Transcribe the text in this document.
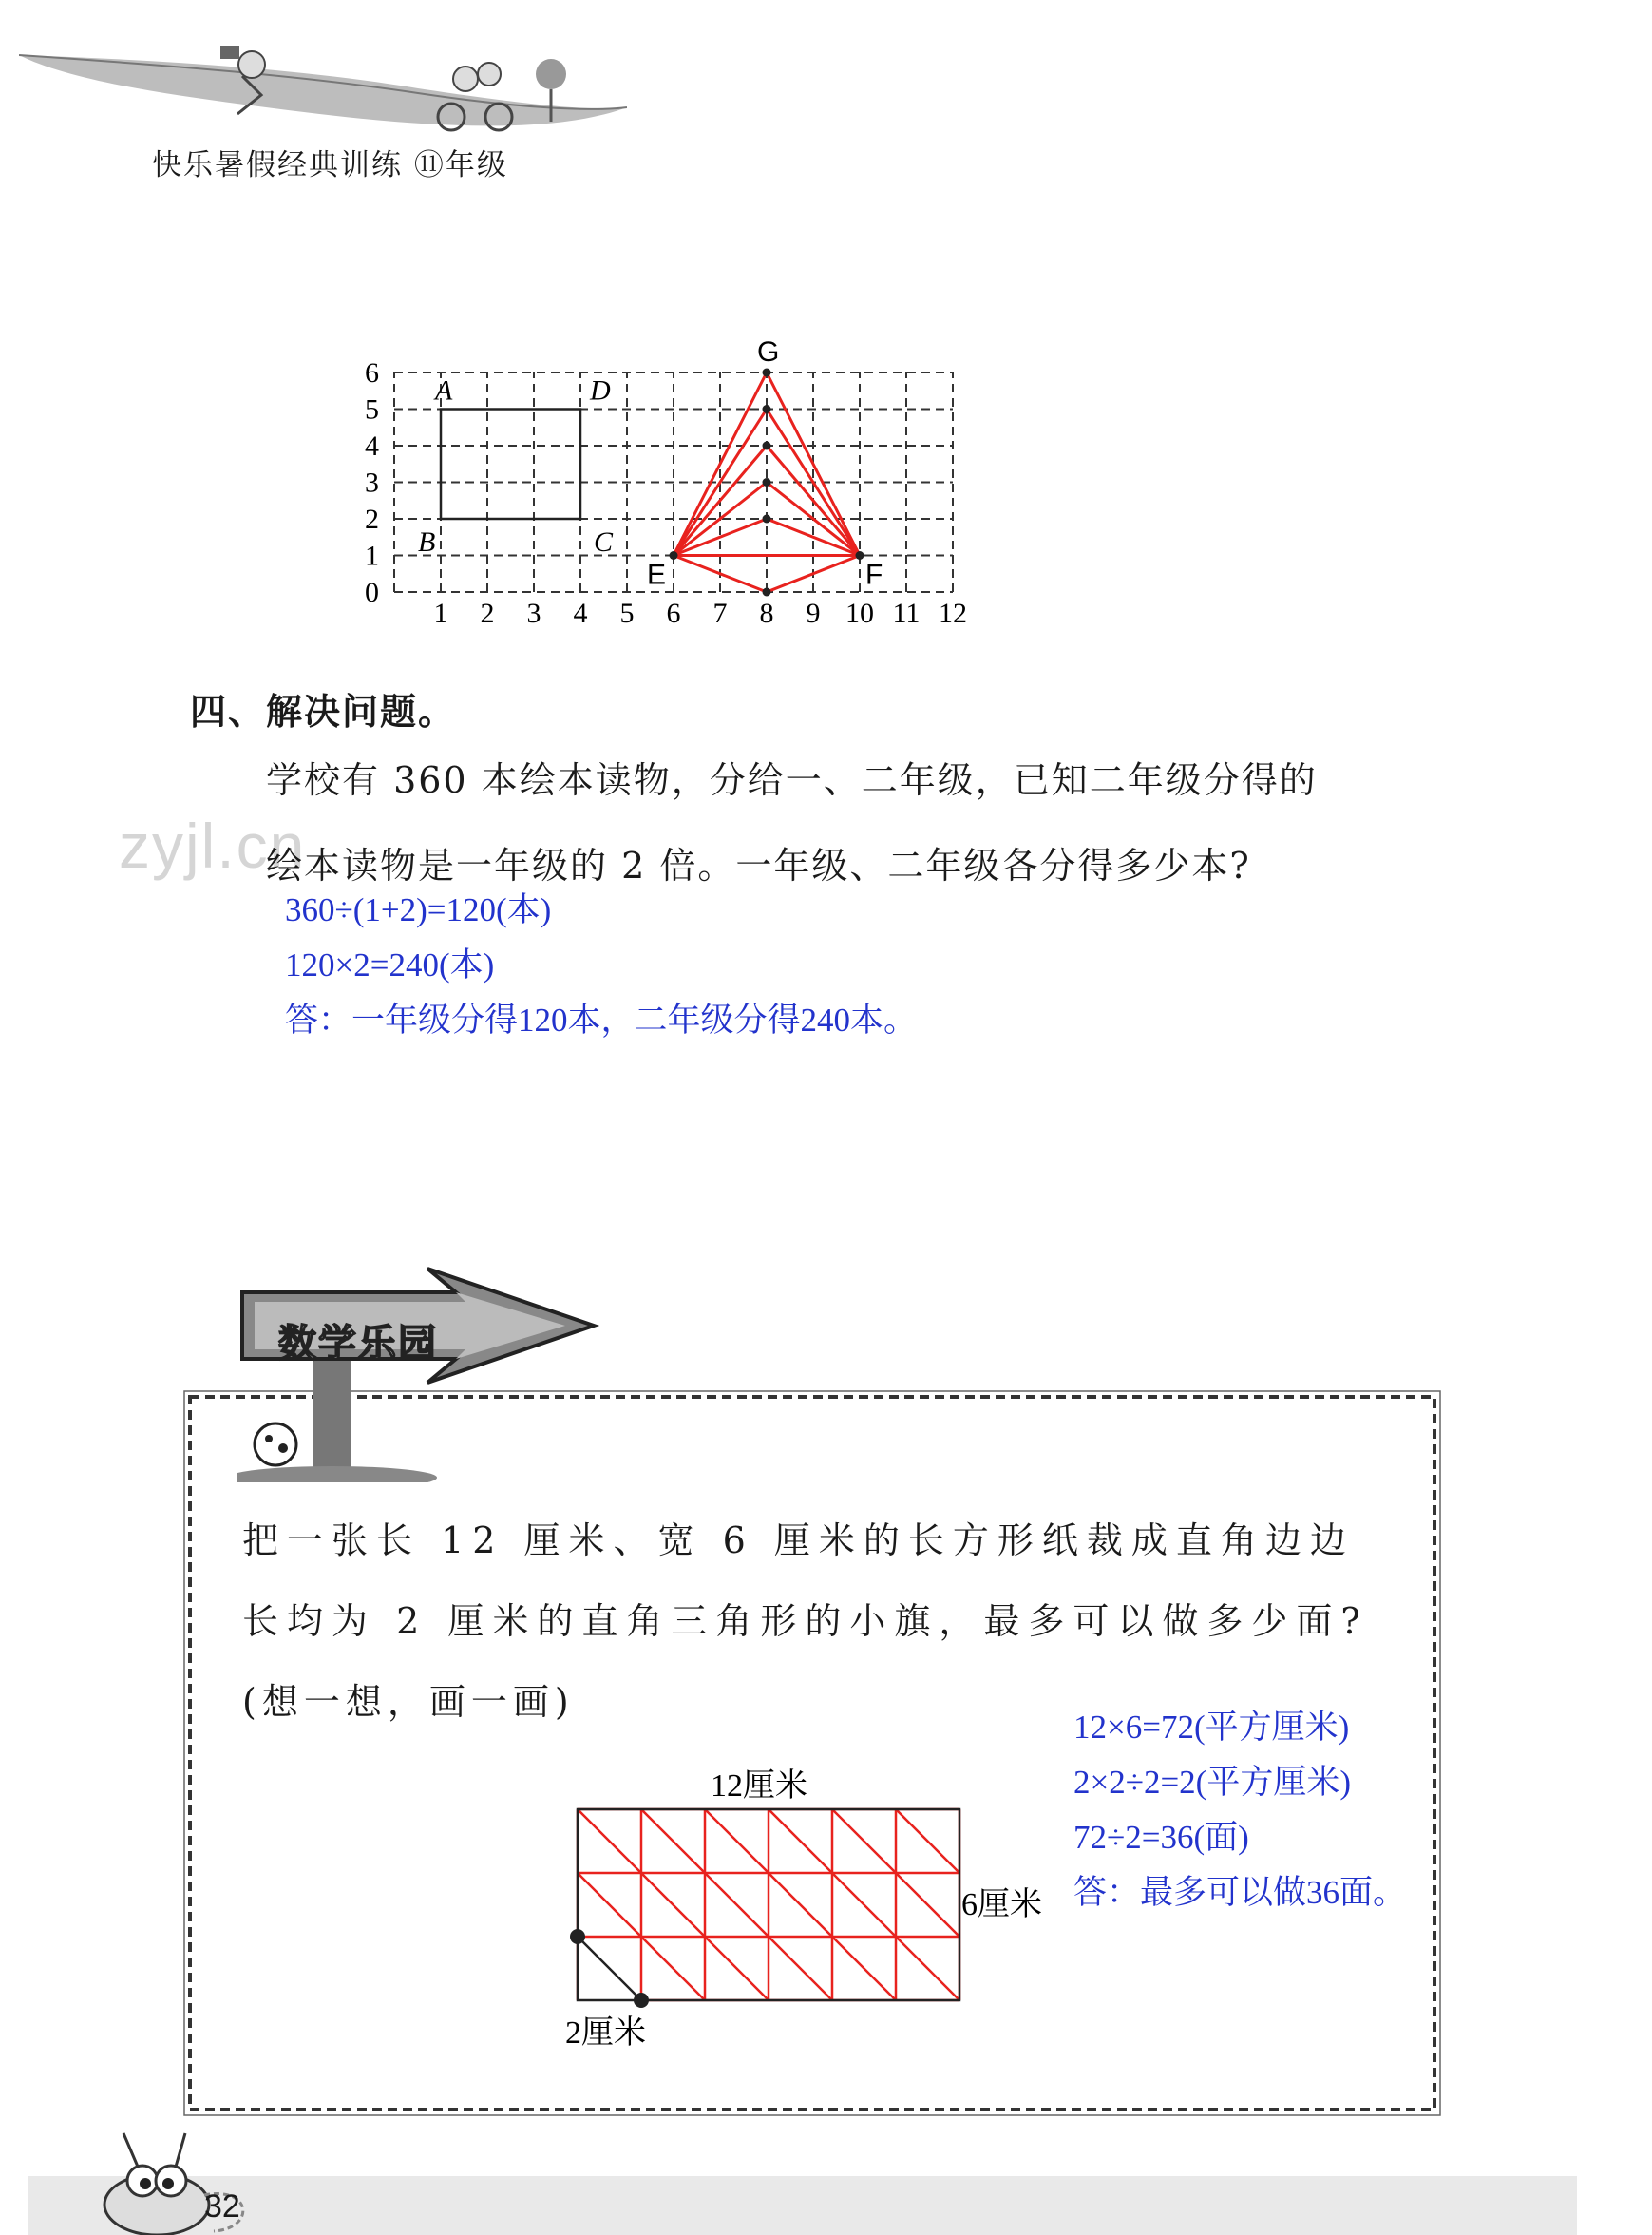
快乐暑假经典训练 ⑪年级
1 2 3 4 5 6 7 8 9 10 11 12
0
1
2
3
4
5
6
A	D
B	C
E	F
G
四、解决问题。
zyjl.cn
学校有 360 本绘本读物，分给一、二年级，已知二年级分得的
绘本读物是一年级的 2 倍。一年级、二年级各分得多少本?
360÷(1+2)=120(本)
120×2=240(本)
答：一年级分得120本，二年级分得240本。
数学乐园
把一张长 12 厘米、宽 6 厘米的长方形纸裁成直角边边
长均为 2 厘米的直角三角形的小旗，最多可以做多少面?
(想一想，画一画)
12×6=72(平方厘米)
2×2÷2=2(平方厘米)
72÷2=36(面)
答：最多可以做36面。
12厘米
6厘米
2厘米
32
